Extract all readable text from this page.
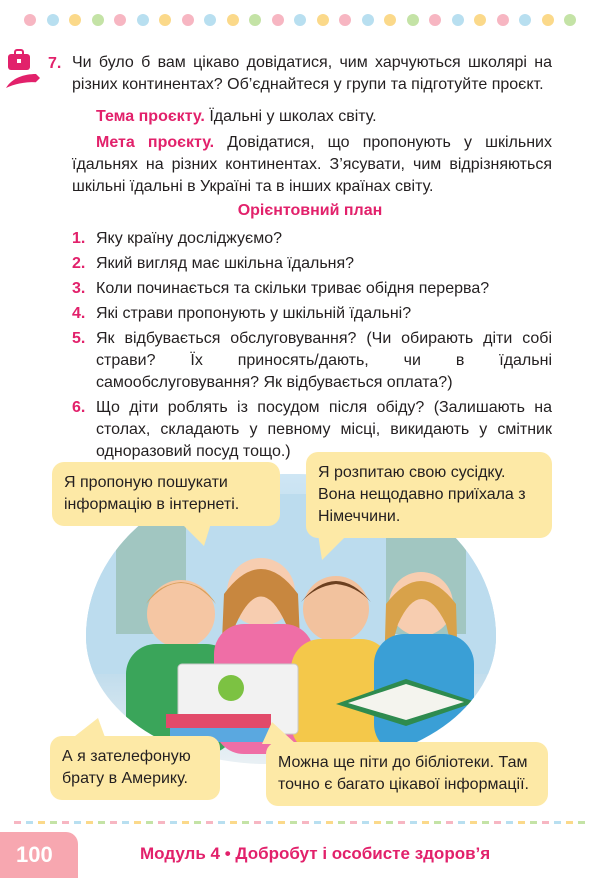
7. Чи було б вам цікаво довідатися, чим харчуються школярі на різних континентах? Об’єднайтеся у групи та підготуйте проєкт.

Тема проєкту. Їдальні у школах світу.

Мета проєкту. Довідатися, що пропонують у шкільних їдальнях на різних континентах. З’ясувати, чим відрізняються шкільні їдальні в Україні та в інших країнах світу.

Орієнтовний план
1. Яку країну досліджуємо?
2. Який вигляд має шкільна їдальня?
3. Коли починається та скільки триває обідня перерва?
4. Які страви пропонують у шкільній їдальні?
5. Як відбувається обслуговування? (Чи обирають діти собі страви? Їх приносять/дають, чи в їдальні самообслуговування? Як відбувається оплата?)
6. Що діти роблять із посудом після обіду? (Залишають на столах, складають у певному місці, викидають у смітник одноразовий посуд тощо.)
Я пропоную пошукати інформацію в інтернеті.
Я розпитаю свою сусідку. Вона нещодавно приїхала з Німеччини.
А я зателефоную брату в Америку.
Можна ще піти до бібліотеки. Там точно є багато цікавої інформації.
100	Модуль 4 • Добробут і особисте здоров’я
